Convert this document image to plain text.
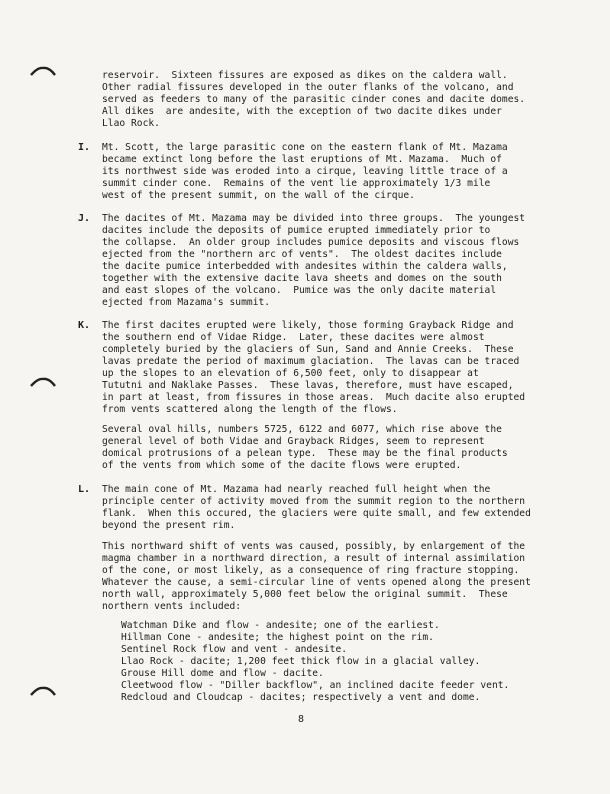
reservoir.  Sixteen fissures are exposed as dikes on the caldera wall.
Other radial fissures developed in the outer flanks of the volcano, and
served as feeders to many of the parasitic cinder cones and dacite domes.
All dikes  are andesite, with the exception of two dacite dikes under
Llao Rock.
I. Mt. Scott, the large parasitic cone on the eastern flank of Mt. Mazama
became extinct long before the last eruptions of Mt. Mazama.  Much of
its northwest side was eroded into a cirque, leaving little trace of a
summit cinder cone.  Remains of the vent lie approximately 1/3 mile
west of the present summit, on the wall of the cirque.
J. The dacites of Mt. Mazama may be divided into three groups.  The youngest
dacites include the deposits of pumice erupted immediately prior to
the collapse.  An older group includes pumice deposits and viscous flows
ejected from the "northern arc of vents".  The oldest dacites include
the dacite pumice interbedded with andesites within the caldera walls,
together with the extensive dacite lava sheets and domes on the south
and east slopes of the volcano.  Pumice was the only dacite material
ejected from Mazama's summit.
K. The first dacites erupted were likely, those forming Grayback Ridge and
the southern end of Vidae Ridge.  Later, these dacites were almost
completely buried by the glaciers of Sun, Sand and Annie Creeks.  These
lavas predate the period of maximum glaciation.  The lavas can be traced
up the slopes to an elevation of 6,500 feet, only to disappear at
Tututni and Naklake Passes.  These lavas, therefore, must have escaped,
in part at least, from fissures in those areas.  Much dacite also erupted
from vents scattered along the length of the flows.
Several oval hills, numbers 5725, 6122 and 6077, which rise above the
general level of both Vidae and Grayback Ridges, seem to represent
domical protrusions of a pelean type.  These may be the final products
of the vents from which some of the dacite flows were erupted.
L. The main cone of Mt. Mazama had nearly reached full height when the
principle center of activity moved from the summit region to the northern
flank.  When this occured, the glaciers were quite small, and few extended
beyond the present rim.
This northward shift of vents was caused, possibly, by enlargement of the
magma chamber in a northward direction, a result of internal assimilation
of the cone, or most likely, as a consequence of ring fracture stopping.
Whatever the cause, a semi-circular line of vents opened along the present
north wall, approximately 5,000 feet below the original summit.  These
northern vents included:
Watchman Dike and flow - andesite; one of the earliest.
Hillman Cone - andesite; the highest point on the rim.
Sentinel Rock flow and vent - andesite.
Llao Rock - dacite; 1,200 feet thick flow in a glacial valley.
Grouse Hill dome and flow - dacite.
Cleetwood flow - "Diller backflow", an inclined dacite feeder vent.
Redcloud and Cloudcap - dacites; respectively a vent and dome.
8
